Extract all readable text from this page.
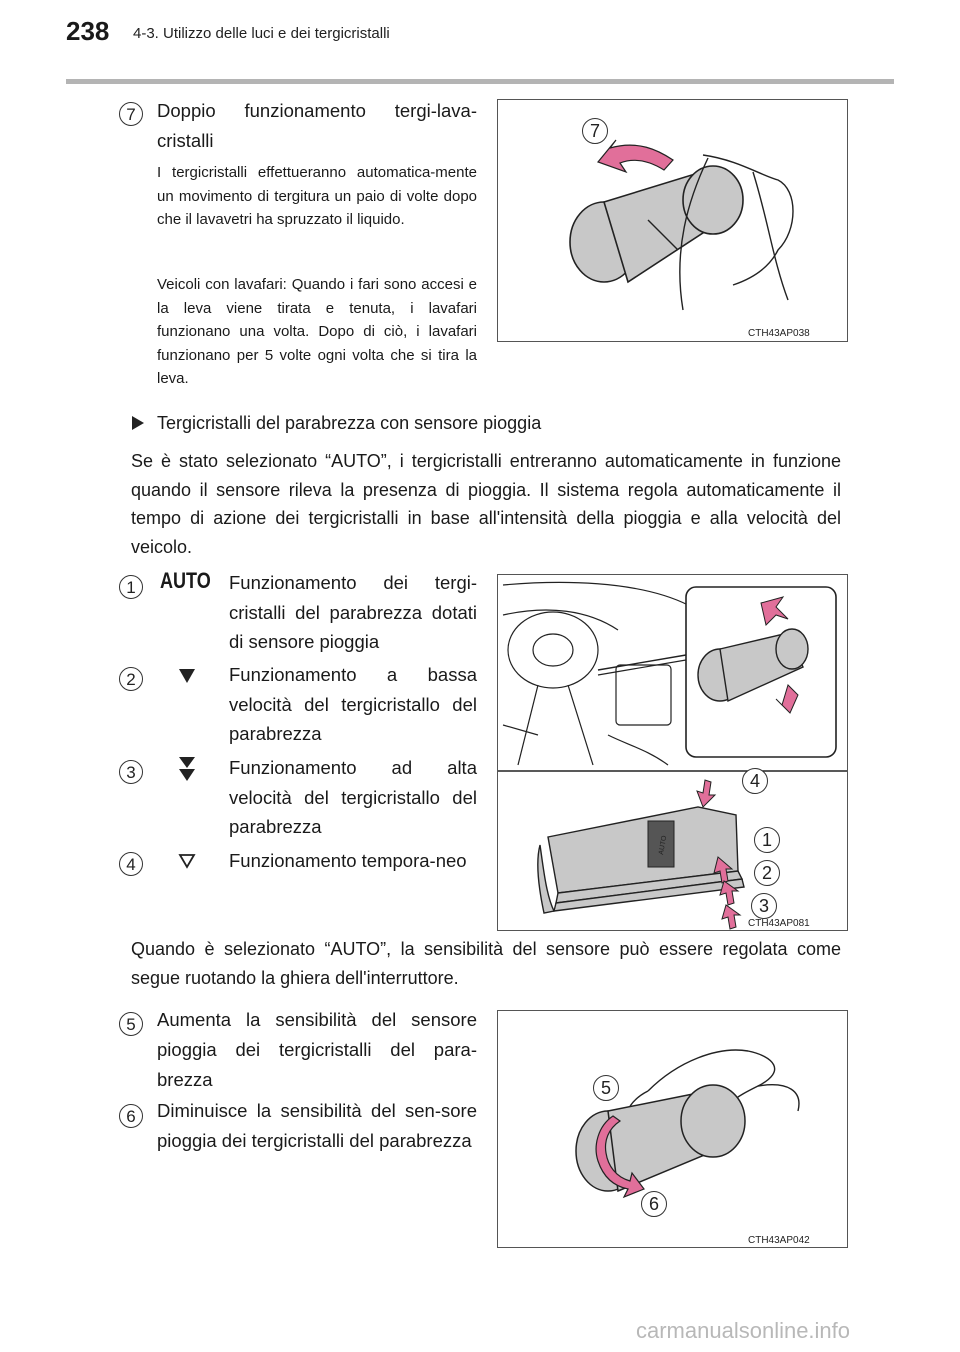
238 4-3. Utilizzo delle luci e dei tergicristalli
7	Doppio funzionamento tergi-lava-cristalli
I tergicristalli effettueranno automatica-mente un movimento di tergitura un paio di volte dopo che il lavavetri ha spruzzato il liquido.
Veicoli con lavafari: Quando i fari sono accesi e la leva viene tirata e tenuta, i lavafari funzionano una volta. Dopo di ciò, i lavafari funzionano per 5 volte ogni volta che si tira la leva.
7
CTH43AP038
Tergicristalli del parabrezza con sensore pioggia
Se è stato selezionato “AUTO”, i tergicristalli entreranno automaticamente in funzione quando il sensore rileva la presenza di pioggia. Il sistema regola automaticamente il tempo di azione dei tergicristalli in base all'intensità della pioggia e alla velocità del veicolo.
1	AUTO Funzionamento dei tergi-cristalli del parabrezza dotati di sensore pioggia
2	Funzionamento a bassa velocità del tergicristallo del parabrezza
3	Funzionamento ad alta velocità del tergicristallo del parabrezza
4	Funzionamento tempora-neo
AUTO
4
1
2
3
CTH43AP081
Quando è selezionato “AUTO”, la sensibilità del sensore può essere regolata come segue ruotando la ghiera dell'interruttore.
5	Aumenta la sensibilità del sensore pioggia dei tergicristalli del para-brezza
6	Diminuisce la sensibilità del sen-sore pioggia dei tergicristalli del parabrezza
5
6
CTH43AP042
carmanualsonline.info
